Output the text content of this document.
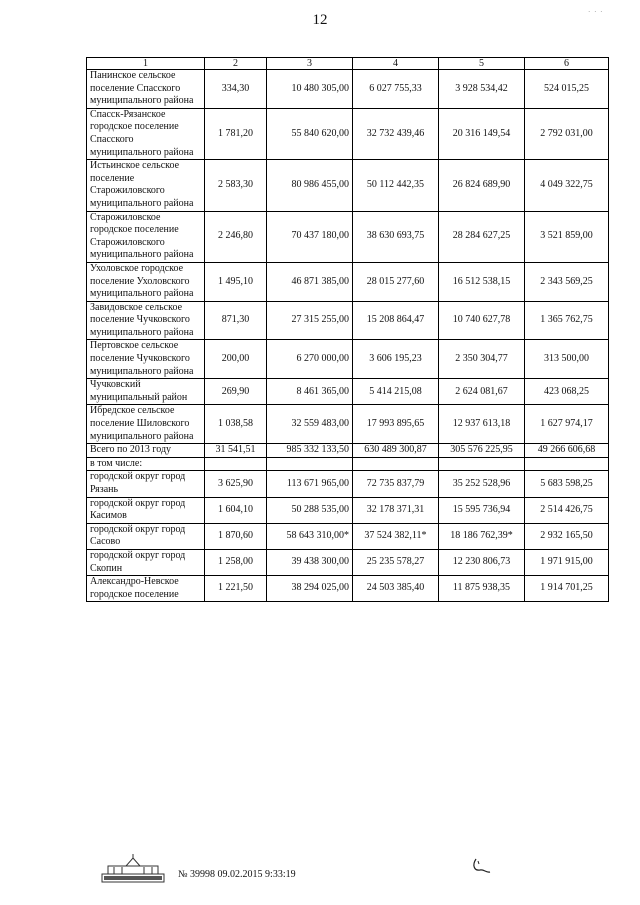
12	· · ·
1	2	3	4	5	6
Панинское сельское поселение Спасского муниципального района	334,30	10 480 305,00	6 027 755,33	3 928 534,42	524 015,25
Спасск-Рязанское городское поселение Спасского муниципального района	1 781,20	55 840 620,00	32 732 439,46	20 316 149,54	2 792 031,00
Истьинское сельское поселение Старожиловского муниципального района	2 583,30	80 986 455,00	50 112 442,35	26 824 689,90	4 049 322,75
Старожиловское городское поселение Старожиловского муниципального района	2 246,80	70 437 180,00	38 630 693,75	28 284 627,25	3 521 859,00
Ухоловское городское поселение Ухоловского муниципального района	1 495,10	46 871 385,00	28 015 277,60	16 512 538,15	2 343 569,25
Завидовское сельское поселение Чучковского муниципального района	871,30	27 315 255,00	15 208 864,47	10 740 627,78	1 365 762,75
Пертовское сельское поселение Чучковского муниципального района	200,00	6 270 000,00	3 606 195,23	2 350 304,77	313 500,00
Чучковский муниципальный район	269,90	8 461 365,00	5 414 215,08	2 624 081,67	423 068,25
Ибредское сельское поселение Шиловского муниципального района	1 038,58	32 559 483,00	17 993 895,65	12 937 613,18	1 627 974,17
Всего по 2013 году	31 541,51	985 332 133,50	630 489 300,87	305 576 225,95	49 266 606,68
в том числе:					
городской округ город Рязань	3 625,90	113 671 965,00	72 735 837,79	35 252 528,96	5 683 598,25
городской округ город Касимов	1 604,10	50 288 535,00	32 178 371,31	15 595 736,94	2 514 426,75
городской округ город Сасово	1 870,60	58 643 310,00*	37 524 382,11*	18 186 762,39*	2 932 165,50
городской округ город Скопин	1 258,00	39 438 300,00	25 235 578,27	12 230 806,73	1 971 915,00
Александро-Невское городское поселение	1 221,50	38 294 025,00	24 503 385,40	11 875 938,35	1 914 701,25
№ 39998 09.02.2015 9:33:19
